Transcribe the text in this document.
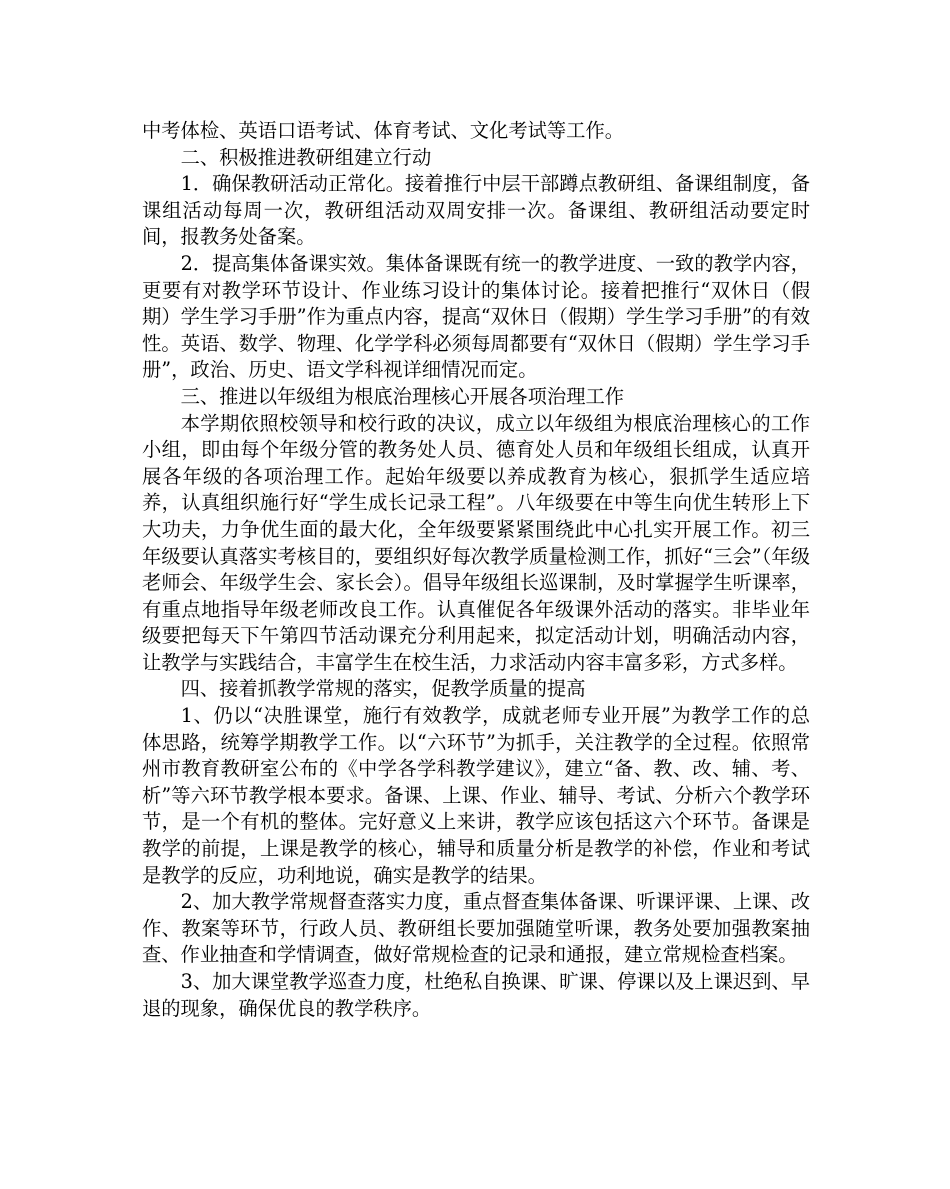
中考体检、英语口语考试、体育考试、文化考试等工作。

二、积极推进教研组建立行动

1．确保教研活动正常化。接着推行中层干部蹲点教研组、备课组制度，备课组活动每周一次，教研组活动双周安排一次。备课组、教研组活动要定时间，报教务处备案。

2．提高集体备课实效。集体备课既有统一的教学进度、一致的教学内容，更要有对教学环节设计、作业练习设计的集体讨论。接着把推行“双休日（假期）学生学习手册”作为重点内容，提高“双休日（假期）学生学习手册”的有效性。英语、数学、物理、化学学科必须每周都要有“双休日（假期）学生学习手册”，政治、历史、语文学科视详细情况而定。

三、推进以年级组为根底治理核心开展各项治理工作

本学期依照校领导和校行政的决议，成立以年级组为根底治理核心的工作小组，即由每个年级分管的教务处人员、德育处人员和年级组长组成，认真开展各年级的各项治理工作。起始年级要以养成教育为核心，狠抓学生适应培养，认真组织施行好“学生成长记录工程”。八年级要在中等生向优生转形上下大功夫，力争优生面的最大化，全年级要紧紧围绕此中心扎实开展工作。初三年级要认真落实考核目的，要组织好每次教学质量检测工作，抓好“三会”（年级老师会、年级学生会、家长会）。倡导年级组长巡课制，及时掌握学生听课率，有重点地指导年级老师改良工作。认真催促各年级课外活动的落实。非毕业年级要把每天下午第四节活动课充分利用起来，拟定活动计划，明确活动内容，让教学与实践结合，丰富学生在校生活，力求活动内容丰富多彩，方式多样。

四、接着抓教学常规的落实，促教学质量的提高

1、仍以“决胜课堂，施行有效教学，成就老师专业开展”为教学工作的总体思路，统筹学期教学工作。以“六环节”为抓手，关注教学的全过程。依照常州市教育教研室公布的《中学各学科教学建议》，建立“备、教、改、辅、考、析”等六环节教学根本要求。备课、上课、作业、辅导、考试、分析六个教学环节，是一个有机的整体。完好意义上来讲，教学应该包括这六个环节。备课是教学的前提，上课是教学的核心，辅导和质量分析是教学的补偿，作业和考试是教学的反应，功利地说，确实是教学的结果。

2、加大教学常规督查落实力度，重点督查集体备课、听课评课、上课、改作、教案等环节，行政人员、教研组长要加强随堂听课，教务处要加强教案抽查、作业抽查和学情调查，做好常规检查的记录和通报，建立常规检查档案。

3、加大课堂教学巡查力度，杜绝私自换课、旷课、停课以及上课迟到、早退的现象，确保优良的教学秩序。
